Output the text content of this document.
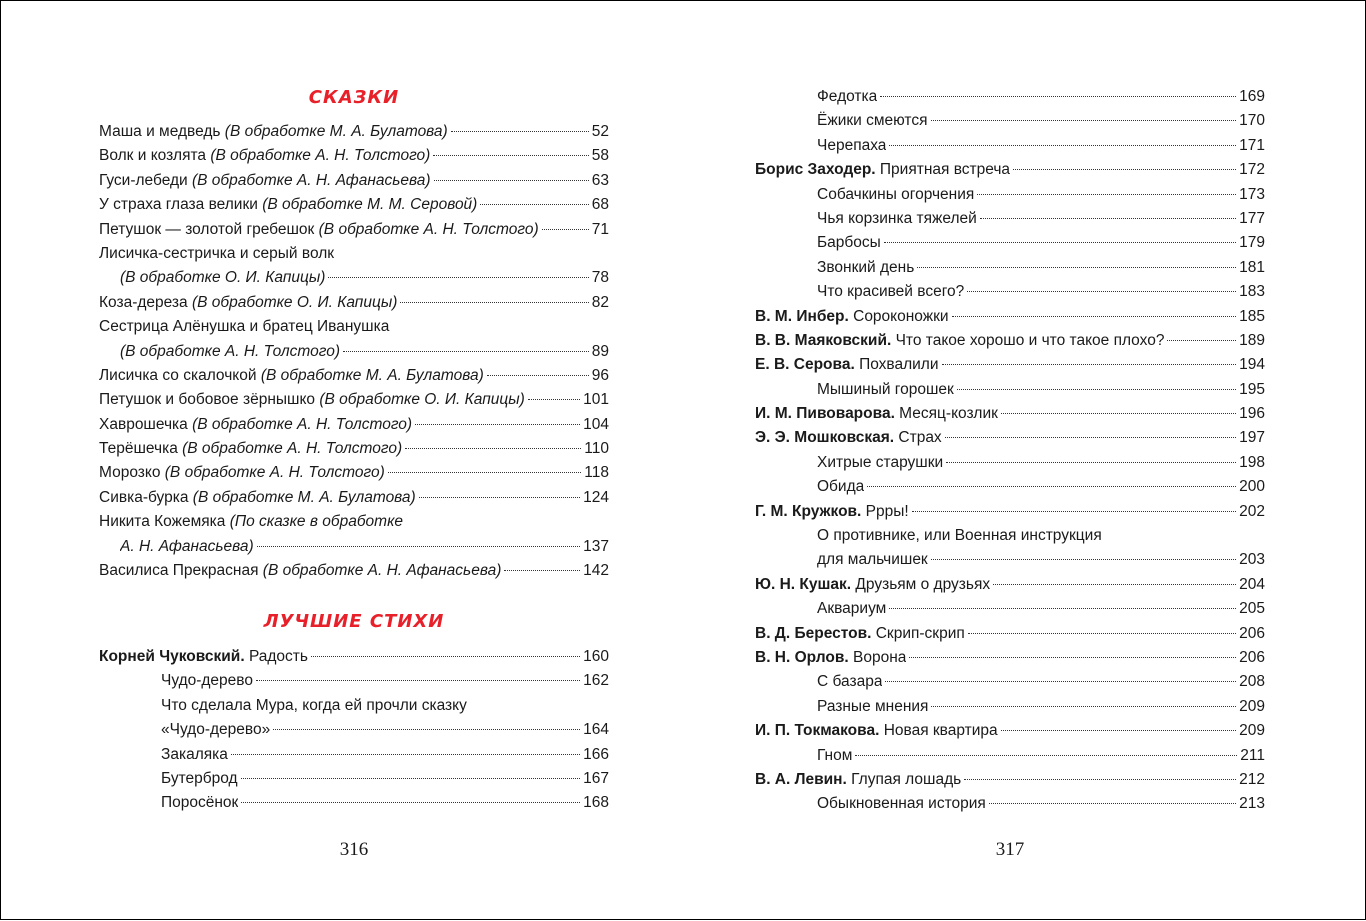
СКАЗКИ
Маша и медведь (В обработке М. А. Булатова)	52
Волк и козлята (В обработке А. Н. Толстого)	58
Гуси-лебеди (В обработке А. Н. Афанасьева)	63
У страха глаза велики (В обработке М. М. Серовой)	68
Петушок — золотой гребешок (В обработке А. Н. Толстого)	71
Лисичка-сестричка и серый волк
(В обработке О. И. Капицы)	78
Коза-дереза (В обработке О. И. Капицы)	82
Сестрица Алёнушка и братец Иванушка
(В обработке А. Н. Толстого)	89
Лисичка со скалочкой (В обработке М. А. Булатова)	96
Петушок и бобовое зёрнышко (В обработке О. И. Капицы)	101
Хаврошечка (В обработке А. Н. Толстого)	104
Терёшечка (В обработке А. Н. Толстого)	110
Морозко (В обработке А. Н. Толстого)	118
Сивка-бурка (В обработке М. А. Булатова)	124
Никита Кожемяка (По сказке в обработке
А. Н. Афанасьева)	137
Василиса Прекрасная (В обработке А. Н. Афанасьева)	142
ЛУЧШИЕ СТИХИ
Корней Чуковский. Радость	160
Чудо-дерево	162
Что сделала Мура, когда ей прочли сказку
«Чудо-дерево»	164
Закаляка	166
Бутерброд	167
Поросёнок	168
316
Федотка	169
Ёжики смеются	170
Черепаха	171
Борис Заходер. Приятная встреча	172
Собачкины огорчения	173
Чья корзинка тяжелей	177
Барбосы	179
Звонкий день	181
Что красивей всего?	183
В. М. Инбер. Сороконожки	185
В. В. Маяковский. Что такое хорошо и что такое плохо?	189
Е. В. Серова. Похвалили	194
Мышиный горошек	195
И. М. Пивоварова. Месяц-козлик	196
Э. Э. Мошковская. Страх	197
Хитрые старушки	198
Обида	200
Г. М. Кружков. Ррры!	202
О противнике, или Военная инструкция
для мальчишек	203
Ю. Н. Кушак. Друзьям о друзьях	204
Аквариум	205
В. Д. Берестов. Скрип-скрип	206
В. Н. Орлов. Ворона	206
С базара	208
Разные мнения	209
И. П. Токмакова. Новая квартира	209
Гном	211
В. А. Левин. Глупая лошадь	212
Обыкновенная история	213
317
